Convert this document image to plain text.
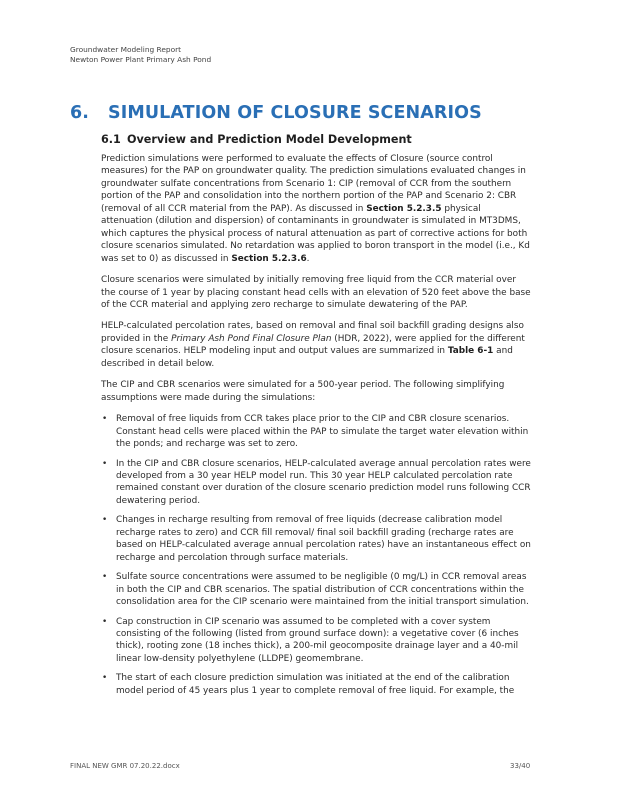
Groundwater Modeling Report
Newton Power Plant Primary Ash Pond
6. SIMULATION OF CLOSURE SCENARIOS
6.1 Overview and Prediction Model Development

Prediction simulations were performed to evaluate the effects of Closure (source control measures) for the PAP on groundwater quality. The prediction simulations evaluated changes in groundwater sulfate concentrations from Scenario 1: CIP (removal of CCR from the southern portion of the PAP and consolidation into the northern portion of the PAP and Scenario 2: CBR (removal of all CCR material from the PAP). As discussed in Section 5.2.3.5 physical attenuation (dilution and dispersion) of contaminants in groundwater is simulated in MT3DMS, which captures the physical process of natural attenuation as part of corrective actions for both closure scenarios simulated. No retardation was applied to boron transport in the model (i.e., Kd was set to 0) as discussed in Section 5.2.3.6.

Closure scenarios were simulated by initially removing free liquid from the CCR material over the course of 1 year by placing constant head cells with an elevation of 520 feet above the base of the CCR material and applying zero recharge to simulate dewatering of the PAP.

HELP-calculated percolation rates, based on removal and final soil backfill grading designs also provided in the Primary Ash Pond Final Closure Plan (HDR, 2022), were applied for the different closure scenarios. HELP modeling input and output values are summarized in Table 6-1 and described in detail below.

The CIP and CBR scenarios were simulated for a 500-year period. The following simplifying assumptions were made during the simulations:

• Removal of free liquids from CCR takes place prior to the CIP and CBR closure scenarios. Constant head cells were placed within the PAP to simulate the target water elevation within the ponds; and recharge was set to zero.
• In the CIP and CBR closure scenarios, HELP-calculated average annual percolation rates were developed from a 30 year HELP model run. This 30 year HELP calculated percolation rate remained constant over duration of the closure scenario prediction model runs following CCR dewatering period.
• Changes in recharge resulting from removal of free liquids (decrease calibration model recharge rates to zero) and CCR fill removal/ final soil backfill grading (recharge rates are based on HELP-calculated average annual percolation rates) have an instantaneous effect on recharge and percolation through surface materials.
• Sulfate source concentrations were assumed to be negligible (0 mg/L) in CCR removal areas in both the CIP and CBR scenarios. The spatial distribution of CCR concentrations within the consolidation area for the CIP scenario were maintained from the initial transport simulation.
• Cap construction in CIP scenario was assumed to be completed with a cover system consisting of the following (listed from ground surface down): a vegetative cover (6 inches thick), rooting zone (18 inches thick), a 200-mil geocomposite drainage layer and a 40-mil linear low-density polyethylene (LLDPE) geomembrane.
• The start of each closure prediction simulation was initiated at the end of the calibration model period of 45 years plus 1 year to complete removal of free liquid. For example, the
FINAL NEW GMR 07.20.22.docx	33/40
